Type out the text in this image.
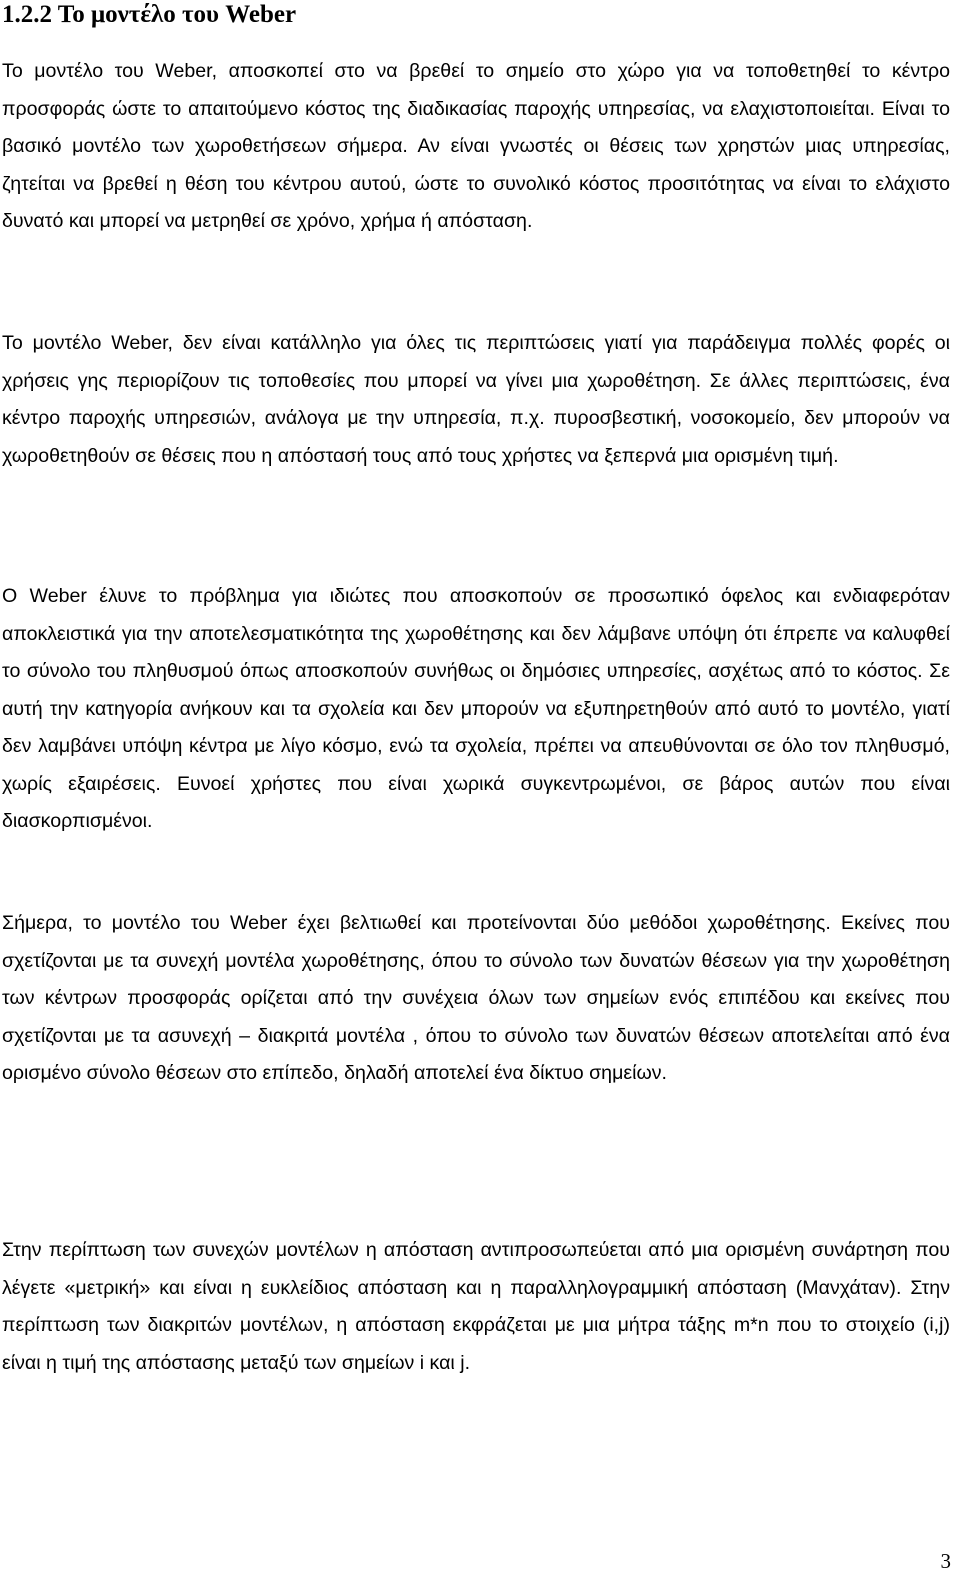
1.2.2 Το μοντέλο του Weber

Το μοντέλο του Weber, αποσκοπεί στο να βρεθεί το σημείο στο χώρο για να τοποθετηθεί το κέντρο προσφοράς ώστε το απαιτούμενο κόστος της διαδικασίας παροχής υπηρεσίας, να ελαχιστοποιείται. Είναι το βασικό μοντέλο των χωροθετήσεων σήμερα. Αν είναι γνωστές οι θέσεις των χρηστών μιας υπηρεσίας, ζητείται να βρεθεί η θέση του κέντρου αυτού, ώστε το συνολικό κόστος προσιτότητας να είναι το ελάχιστο δυνατό και μπορεί να μετρηθεί σε χρόνο, χρήμα ή απόσταση.

Το μοντέλο Weber, δεν είναι κατάλληλο για όλες τις περιπτώσεις γιατί για παράδειγμα πολλές φορές οι χρήσεις γης περιορίζουν τις τοποθεσίες που μπορεί να γίνει μια χωροθέτηση. Σε άλλες περιπτώσεις, ένα κέντρο παροχής υπηρεσιών, ανάλογα με την υπηρεσία, π.χ. πυροσβεστική, νοσοκομείο, δεν μπορούν να χωροθετηθούν σε θέσεις που η απόστασή τους από τους χρήστες να ξεπερνά μια ορισμένη τιμή.

Ο Weber έλυνε το πρόβλημα για ιδιώτες που αποσκοπούν σε προσωπικό όφελος και ενδιαφερόταν αποκλειστικά για την αποτελεσματικότητα της χωροθέτησης και δεν λάμβανε υπόψη ότι έπρεπε να καλυφθεί το σύνολο του πληθυσμού όπως αποσκοπούν συνήθως οι δημόσιες υπηρεσίες, ασχέτως από το κόστος. Σε αυτή την κατηγορία ανήκουν και τα σχολεία και δεν μπορούν να εξυπηρετηθούν από αυτό το μοντέλο, γιατί δεν λαμβάνει υπόψη κέντρα με λίγο κόσμο, ενώ τα σχολεία, πρέπει να απευθύνονται σε όλο τον πληθυσμό, χωρίς εξαιρέσεις. Ευνοεί χρήστες που είναι χωρικά συγκεντρωμένοι, σε βάρος αυτών που είναι διασκορπισμένοι.

Σήμερα, το μοντέλο του Weber έχει βελτιωθεί και προτείνονται δύο μεθόδοι χωροθέτησης. Εκείνες που σχετίζονται με τα συνεχή μοντέλα χωροθέτησης, όπου το σύνολο των δυνατών θέσεων για την χωροθέτηση των κέντρων προσφοράς ορίζεται από την συνέχεια όλων των σημείων ενός επιπέδου και εκείνες που σχετίζονται με τα ασυνεχή – διακριτά μοντέλα , όπου το σύνολο των δυνατών θέσεων αποτελείται από ένα ορισμένο σύνολο θέσεων στο επίπεδο, δηλαδή αποτελεί ένα δίκτυο σημείων.

Στην περίπτωση των συνεχών μοντέλων η απόσταση αντιπροσωπεύεται από μια ορισμένη συνάρτηση που λέγετε «μετρική» και είναι η ευκλείδιος απόσταση και η παραλληλογραμμική απόσταση (Μανχάταν). Στην περίπτωση των διακριτών μοντέλων, η απόσταση εκφράζεται με μια μήτρα τάξης m*n που το στοιχείο (i,j) είναι η τιμή της απόστασης μεταξύ των σημείων i και j.

3
